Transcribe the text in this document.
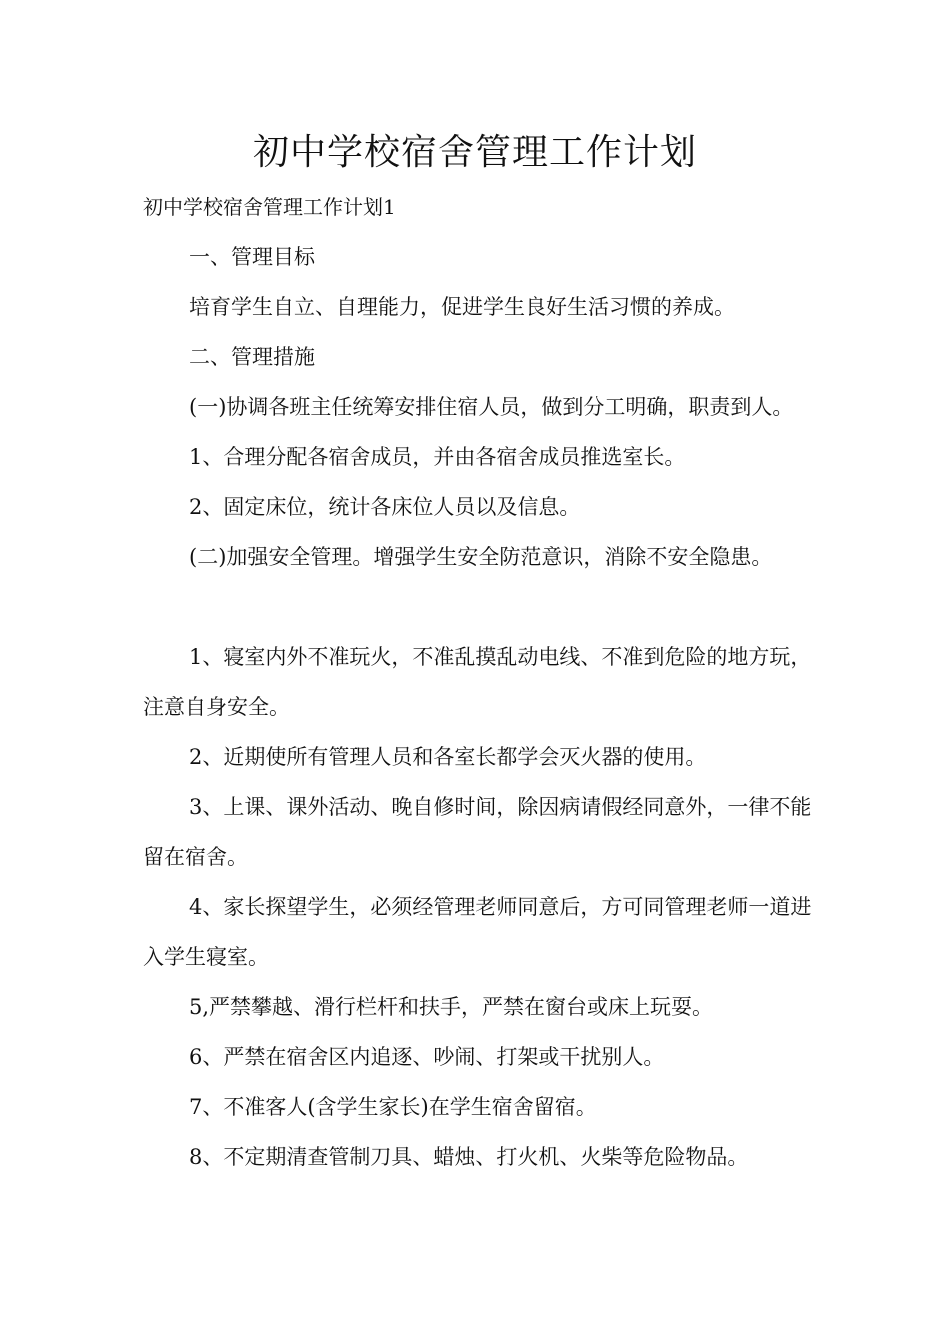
初中学校宿舍管理工作计划

初中学校宿舍管理工作计划1

一、管理目标

培育学生自立、自理能力，促进学生良好生活习惯的养成。

二、管理措施

(一)协调各班主任统筹安排住宿人员，做到分工明确，职责到人。

1、合理分配各宿舍成员，并由各宿舍成员推选室长。

2、固定床位，统计各床位人员以及信息。

(二)加强安全管理。增强学生安全防范意识，消除不安全隐患。

1、寝室内外不准玩火，不准乱摸乱动电线、不准到危险的地方玩，注意自身安全。

2、近期使所有管理人员和各室长都学会灭火器的使用。

3、上课、课外活动、晚自修时间，除因病请假经同意外，一律不能留在宿舍。

4、家长探望学生，必须经管理老师同意后，方可同管理老师一道进入学生寝室。

5,严禁攀越、滑行栏杆和扶手，严禁在窗台或床上玩耍。

6、严禁在宿舍区内追逐、吵闹、打架或干扰别人。

7、不准客人(含学生家长)在学生宿舍留宿。

8、不定期清查管制刀具、蜡烛、打火机、火柴等危险物品。
